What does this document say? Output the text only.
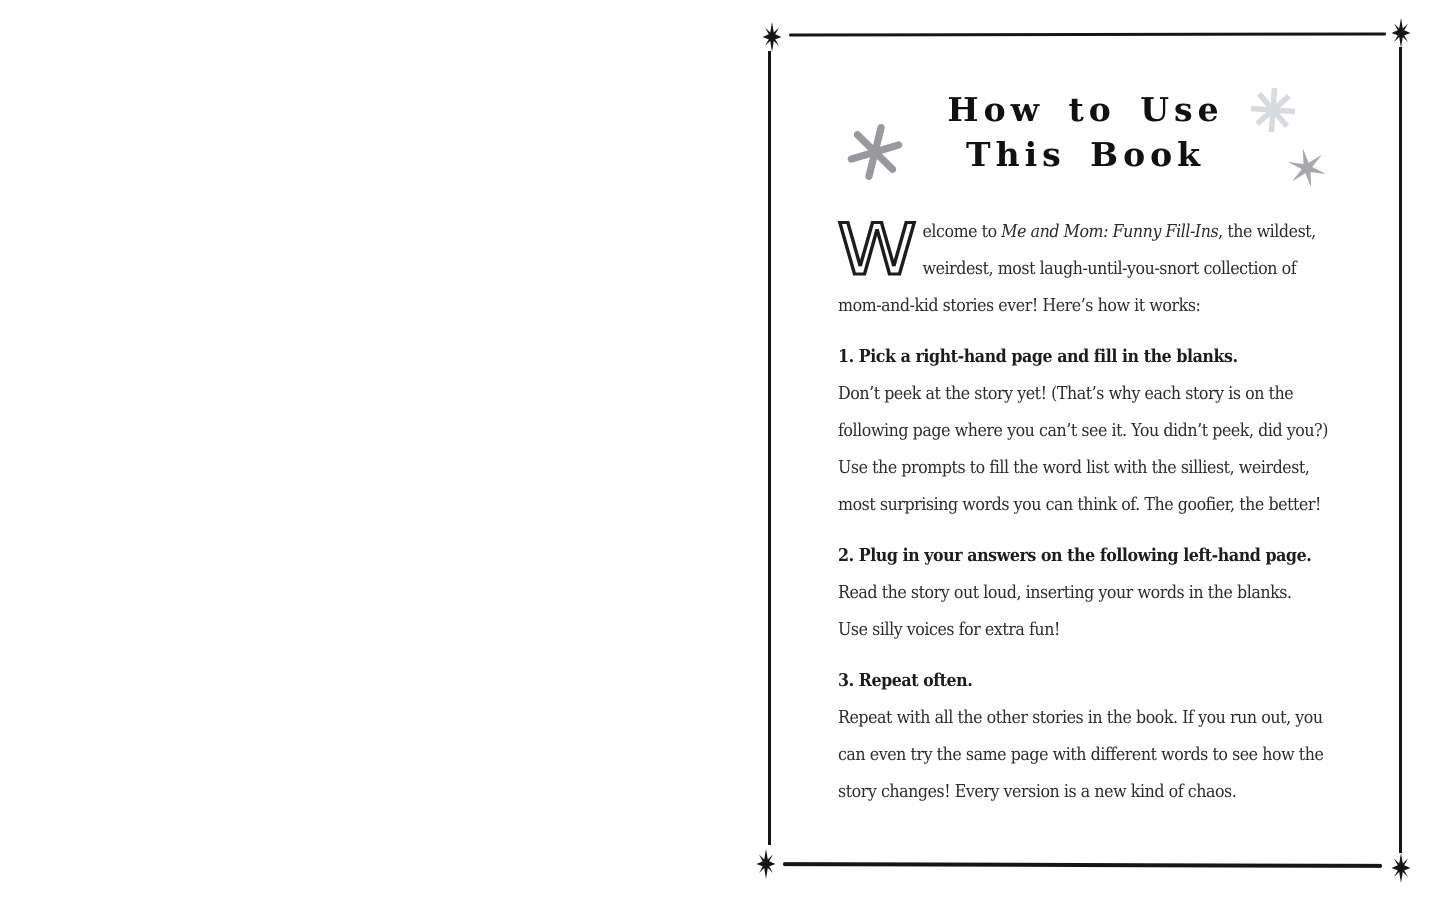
How to Use
This Book
W elcome to Me and Mom: Funny Fill-Ins, the wildest,
weirdest, most laugh-until-you-snort collection of
mom-and-kid stories ever! Here’s how it works:
1. Pick a right-hand page and fill in the blanks.
Don’t peek at the story yet! (That’s why each story is on the
following page where you can’t see it. You didn’t peek, did you?)
Use the prompts to fill the word list with the silliest, weirdest,
most surprising words you can think of. The goofier, the better!
2. Plug in your answers on the following left-hand page.
Read the story out loud, inserting your words in the blanks.
Use silly voices for extra fun!
3. Repeat often.
Repeat with all the other stories in the book. If you run out, you
can even try the same page with different words to see how the
story changes! Every version is a new kind of chaos.
